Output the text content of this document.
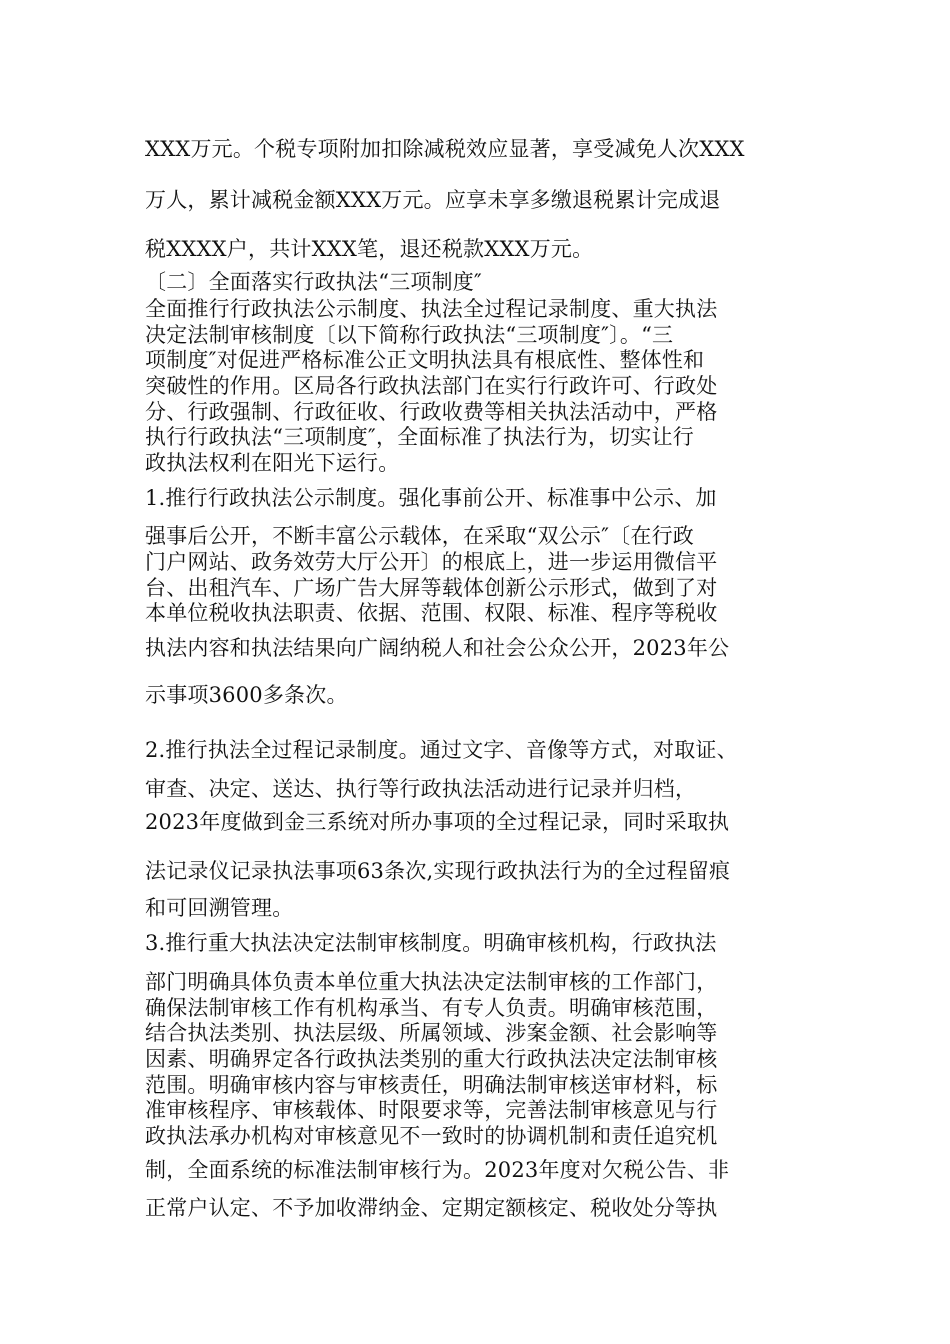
XXX万元。个税专项附加扣除减税效应显著，享受减免人次XXX

万人，累计减税金额XXX万元。应享未享多缴退税累计完成退

税XXXX户，共计XXX笔，退还税款XXX万元。

〔二〕全面落实行政执法“三项制度″

全面推行行政执法公示制度、执法全过程记录制度、重大执法

决定法制审核制度〔以下简称行政执法“三项制度″〕。“三

项制度″对促进严格标准公正文明执法具有根底性、整体性和

突破性的作用。区局各行政执法部门在实行行政许可、行政处

分、行政强制、行政征收、行政收费等相关执法活动中，严格

执行行政执法“三项制度″，全面标准了执法行为，切实让行

政执法权利在阳光下运行。

1.推行行政执法公示制度。强化事前公开、标准事中公示、加

强事后公开，不断丰富公示载体，在采取“双公示″〔在行政

门户网站、政务效劳大厅公开〕的根底上，进一步运用微信平

台、出租汽车、广场广告大屏等载体创新公示形式，做到了对

本单位税收执法职责、依据、范围、权限、标准、程序等税收

执法内容和执法结果向广阔纳税人和社会公众公开，2023年公

示事项3600多条次。

2.推行执法全过程记录制度。通过文字、音像等方式，对取证、

审查、决定、送达、执行等行政执法活动进行记录并归档，

2023年度做到金三系统对所办事项的全过程记录，同时采取执

法记录仪记录执法事项63条次,实现行政执法行为的全过程留痕

和可回溯管理。

3.推行重大执法决定法制审核制度。明确审核机构，行政执法

部门明确具体负责本单位重大执法决定法制审核的工作部门，

确保法制审核工作有机构承当、有专人负责。明确审核范围，

结合执法类别、执法层级、所属领域、涉案金额、社会影响等

因素、明确界定各行政执法类别的重大行政执法决定法制审核

范围。明确审核内容与审核责任，明确法制审核送审材料，标

准审核程序、审核载体、时限要求等，完善法制审核意见与行

政执法承办机构对审核意见不一致时的协调机制和责任追究机

制，全面系统的标准法制审核行为。2023年度对欠税公告、非

正常户认定、不予加收滞纳金、定期定额核定、税收处分等执
